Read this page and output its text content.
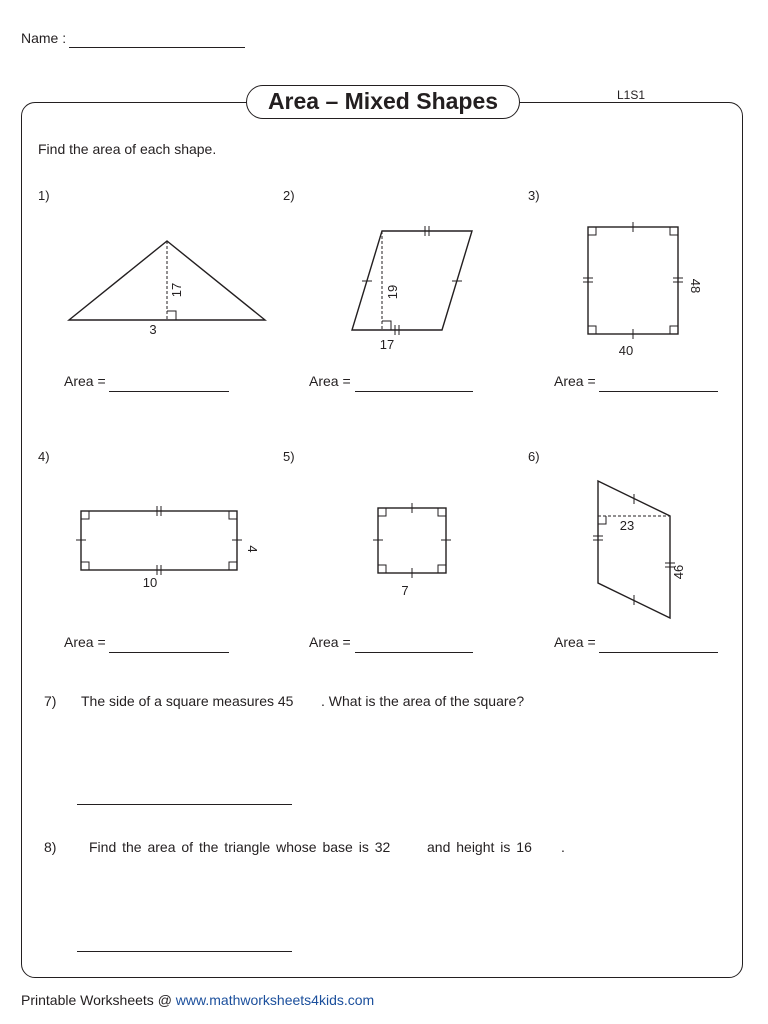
Name :
Area – Mixed Shapes	L1S1
Find the area of each shape.
1)	2)	3)
4)	5)	6)
17
3
19
17
48
40
4
10
7
23
46
Area =	Area =	Area =
Area =	Area =	Area =
7) The side of a square measures 45 . What is the area of the square?
8) Find the area of the triangle whose base is 32	and height is 16 .
Printable Worksheets @ www.mathworksheets4kids.com
